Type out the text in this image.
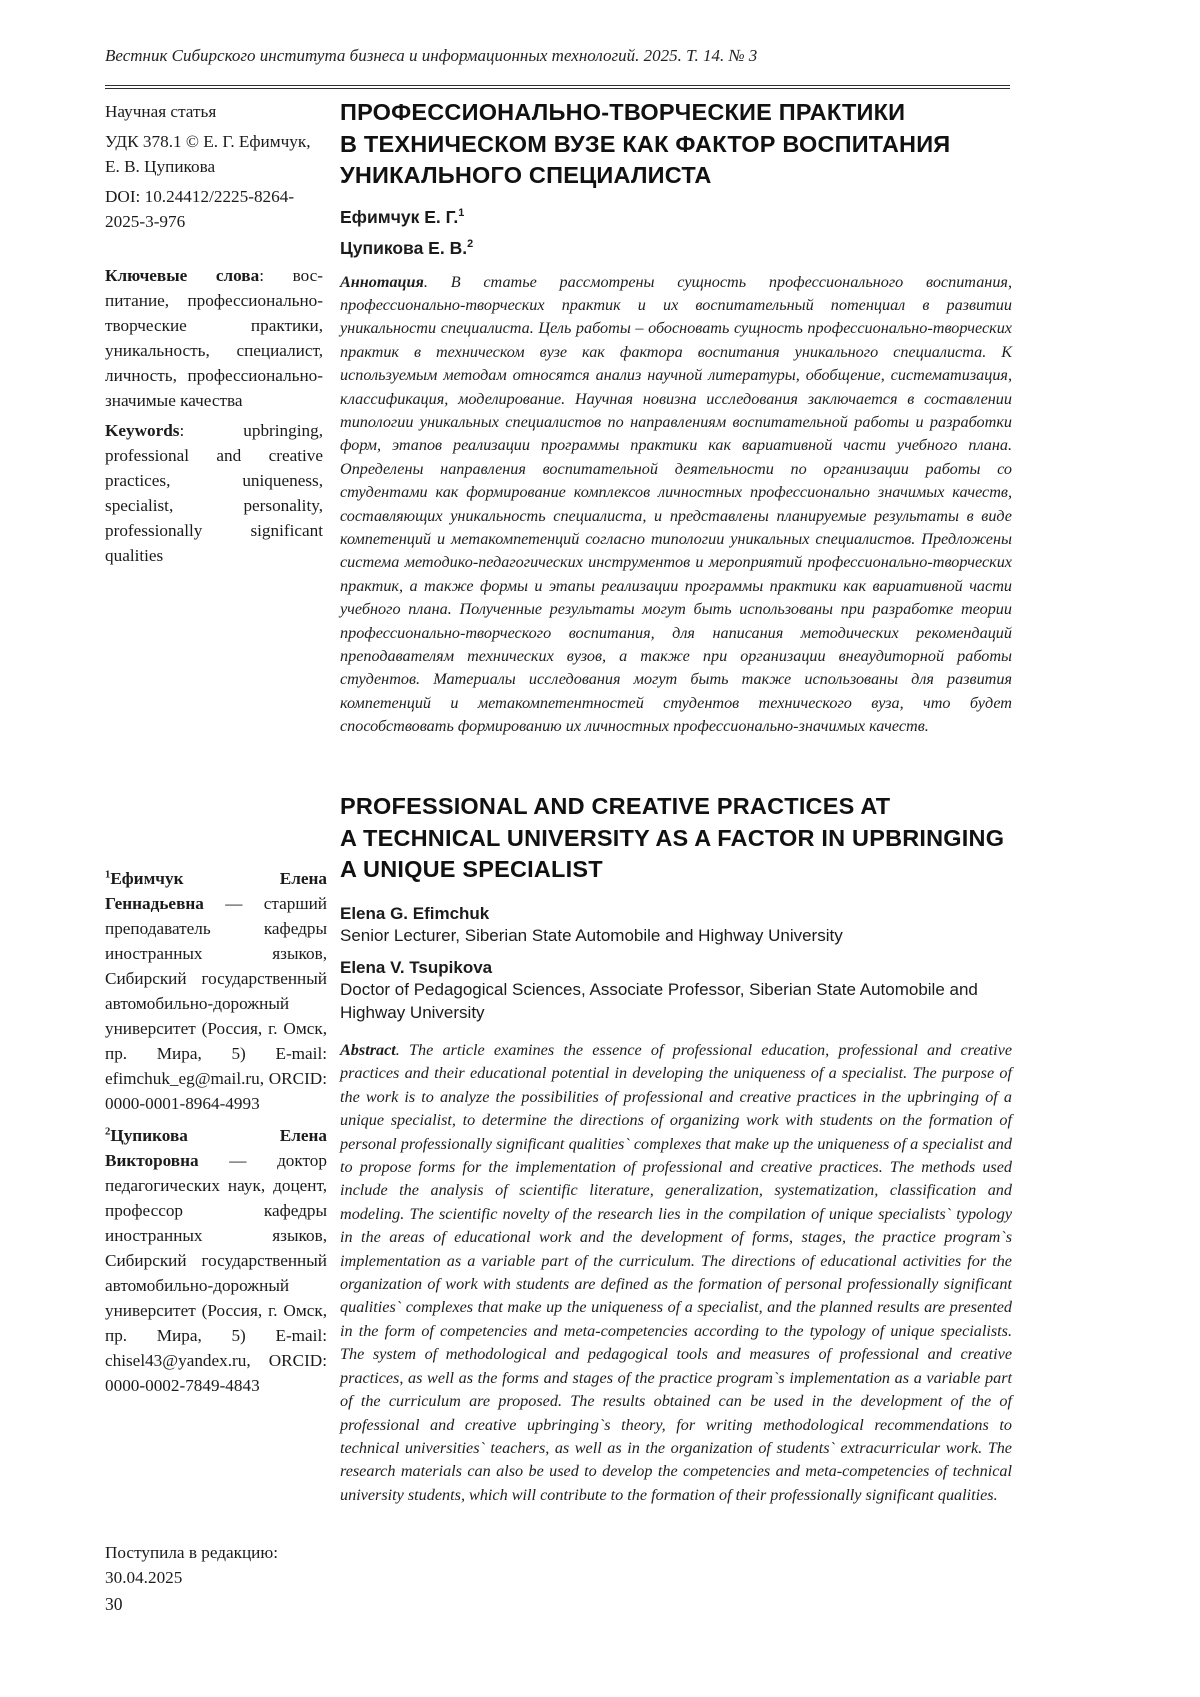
Вестник Сибирского института бизнеса и информационных технологий. 2025. Т. 14. № 3

Научная статья

УДК 378.1 © Е. Г. Ефимчук, Е. В. Цупикова

DOI: 10.24412/2225-8264-
2025-3-976

Ключевые слова: воспитание, профессионально-творческие практики, уникальность, специалист, личность, профессионально-значимые качества

Keywords: upbringing, professional and creative practices, uniqueness, specialist, personality, professionally significant qualities

$^1$Ефимчук Елена Геннадьевна — старший преподаватель кафедры иностранных языков, Сибирский государственный автомобильно-дорожный университет (Россия, г. Омск, пр. Мира, 5) E-mail: efimchuk_eg@mail.ru, ORCID: 0000-0001-8964-4993

$^2$Цупикова Елена Викторовна — доктор педагогических наук, доцент, профессор кафедры иностранных языков, Сибирский государственный автомобильно-дорожный университет (Россия, г. Омск, пр. Мира, 5) E-mail: chisel43@yandex.ru, ORCID: 0000-0002-7849-4843

Поступила в редакцию:
30.04.2025
30
ПРОФЕССИОНАЛЬНО-ТВОРЧЕСКИЕ ПРАКТИКИ
В ТЕХНИЧЕСКОМ ВУЗЕ КАК ФАКТОР ВОСПИТАНИЯ
УНИКАЛЬНОГО СПЕЦИАЛИСТА

Ефимчук Е. Г.$^1$

Цупикова Е. В.$^2$

Аннотация. В статье рассмотрены сущность профессионального воспитания, профессионально-творческих практик и их воспитательный потенциал в развитии уникальности специалиста. Цель работы – обосновать сущность профессионально-творческих практик в техническом вузе как фактора воспитания уникального специалиста. К используемым методам относятся анализ научной литературы, обобщение, систематизация, классификация, моделирование. Научная новизна исследования заключается в составлении типологии уникальных специалистов по направлениям воспитательной работы и разработки форм, этапов реализации программы практики как вариативной части учебного плана. Определены направления воспитательной деятельности по организации работы со студентами как формирование комплексов личностных профессионально значимых качеств, составляющих уникальность специалиста, и представлены планируемые результаты в виде компетенций и метакомпетенций согласно типологии уникальных специалистов. Предложены система методико-педагогических инструментов и мероприятий профессионально-творческих практик, а также формы и этапы реализации программы практики как вариативной части учебного плана. Полученные результаты могут быть использованы при разработке теории профессионально-творческого воспитания, для написания методических рекомендаций преподавателям технических вузов, а также при организации внеаудиторной работы студентов. Материалы исследования могут быть также использованы для развития компетенций и метакомпетентностей студентов технического вуза, что будет способствовать формированию их личностных профессионально-значимых качеств.

PROFESSIONAL AND CREATIVE PRACTICES AT
A TECHNICAL UNIVERSITY AS A FACTOR IN UPBRINGING
A UNIQUE SPECIALIST
Elena G. Efimchuk
Senior Lecturer, Siberian State Automobile and Highway University
Elena V. Tsupikova
Doctor of Pedagogical Sciences, Associate Professor, Siberian State Automobile and Highway University

Abstract. The article examines the essence of professional education, professional and creative practices and their educational potential in developing the uniqueness of a specialist. The purpose of the work is to analyze the possibilities of professional and creative practices in the upbringing of a unique specialist, to determine the directions of organizing work with students on the formation of personal professionally significant qualities` complexes that make up the uniqueness of a specialist and to propose forms for the implementation of professional and creative practices. The methods used include the analysis of scientific literature, generalization, systematization, classification and modeling. The scientific novelty of the research lies in the compilation of unique specialists` typology in the areas of educational work and the development of forms, stages, the practice program`s implementation as a variable part of the curriculum. The directions of educational activities for the organization of work with students are defined as the formation of personal professionally significant qualities` complexes that make up the uniqueness of a specialist, and the planned results are presented in the form of competencies and meta-competencies according to the typology of unique specialists. The system of methodological and pedagogical tools and measures of professional and creative practices, as well as the forms and stages of the practice program`s implementation as a variable part of the curriculum are proposed. The results obtained can be used in the development of the of professional and creative upbringing`s theory, for writing methodological recommendations to technical universities` teachers, as well as in the organization of students` extracurricular work. The research materials can also be used to develop the competencies and meta-competencies of technical university students, which will contribute to the formation of their professionally significant qualities.
